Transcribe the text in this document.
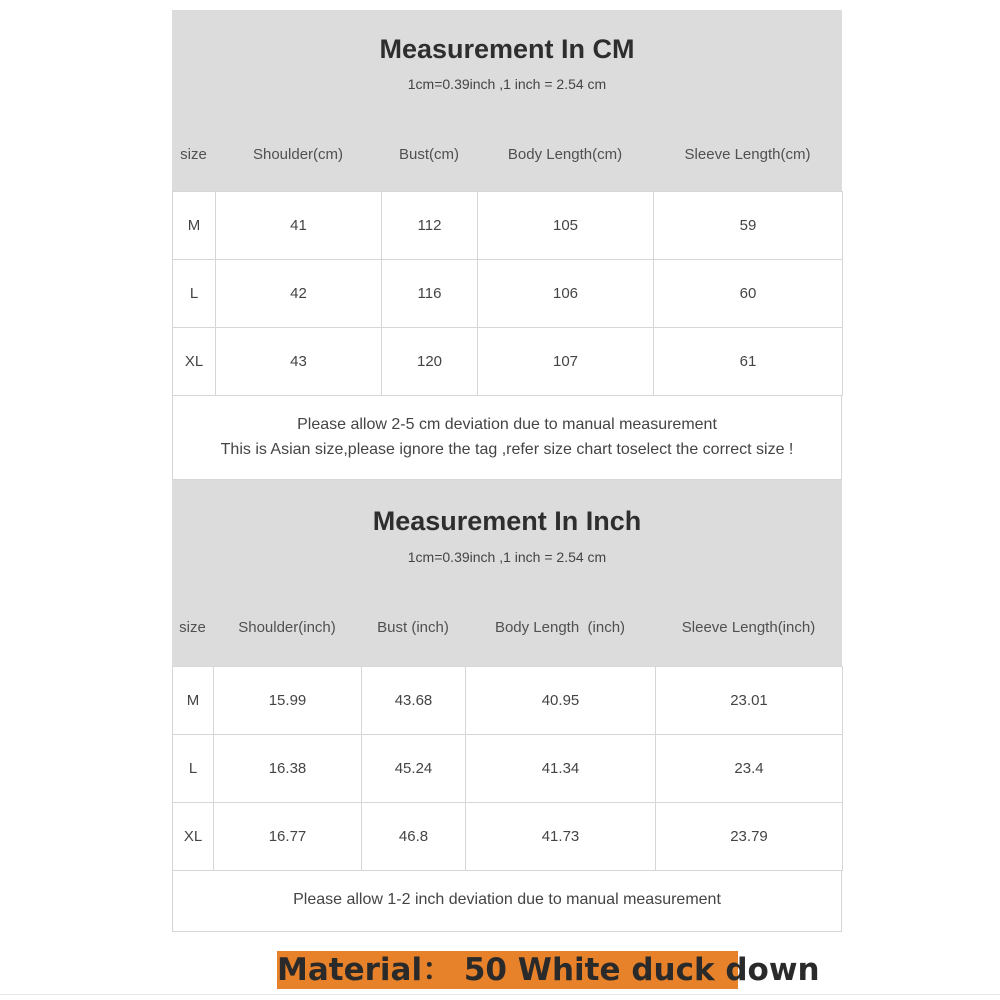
Measurement In CM
1cm=0.39inch ,1 inch = 2.54 cm
size	Shoulder(cm)	Bust(cm)	Body Length(cm)	Sleeve Length(cm)
M	41	112	105	59
L	42	116	106	60
XL	43	120	107	61
Please allow 2-5 cm deviation due to manual measurement
This is Asian size,please ignore the tag ,refer size chart toselect the correct size !
Measurement In Inch
1cm=0.39inch ,1 inch = 2.54 cm
size	Shoulder(inch)	Bust (inch)	Body Length  (inch)	Sleeve Length(inch)
M	15.99	43.68	40.95	23.01
L	16.38	45.24	41.34	23.4
XL	16.77	46.8	41.73	23.79
Please allow 1-2 inch deviation due to manual measurement
Material： 50 White duck down
